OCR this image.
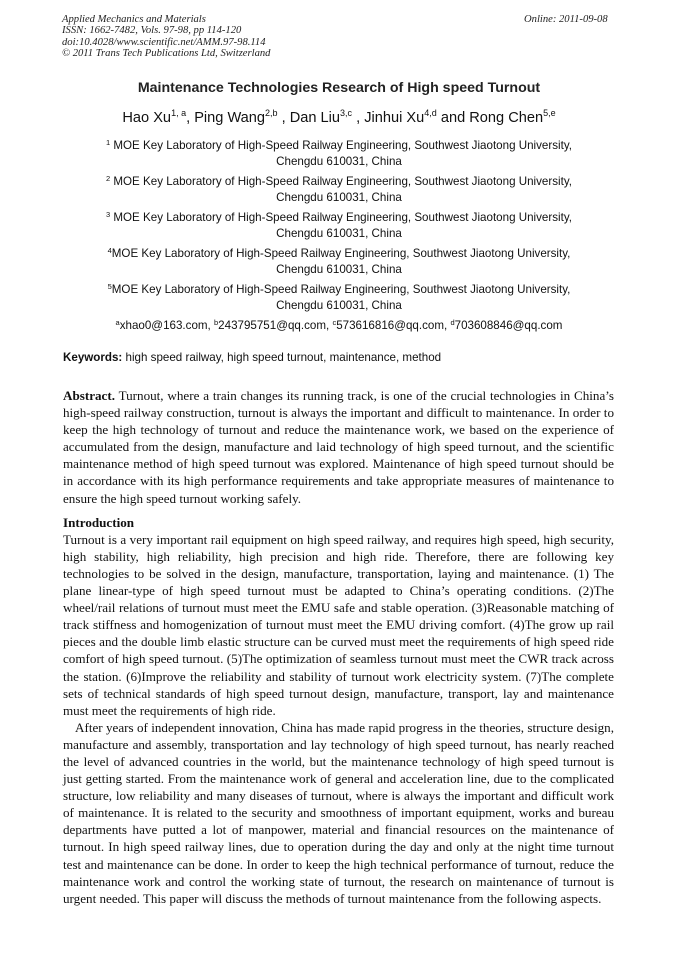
Applied Mechanics and Materials
ISSN: 1662-7482, Vols. 97-98, pp 114-120
doi:10.4028/www.scientific.net/AMM.97-98.114
© 2011 Trans Tech Publications Ltd, Switzerland
Online: 2011-09-08
Maintenance Technologies Research of High speed Turnout
Hao Xu$^{1, a}$, Ping Wang$^{2,b}$ , Dan Liu$^{3,c}$ , Jinhui Xu$^{4,d}$ and Rong Chen$^{5,e}$
$^1$ MOE Key Laboratory of High-Speed Railway Engineering, Southwest Jiaotong University,
Chengdu 610031, China
$^2$ MOE Key Laboratory of High-Speed Railway Engineering, Southwest Jiaotong University,
Chengdu 610031, China
$^3$ MOE Key Laboratory of High-Speed Railway Engineering, Southwest Jiaotong University,
Chengdu 610031, China
$^4$MOE Key Laboratory of High-Speed Railway Engineering, Southwest Jiaotong University,
Chengdu 610031, China
$^5$MOE Key Laboratory of High-Speed Railway Engineering, Southwest Jiaotong University,
Chengdu 610031, China
$^a$xhao0@163.com, $^b$243795751@qq.com, $^c$573616816@qq.com, $^d$703608846@qq.com
Keywords: high speed railway, high speed turnout, maintenance, method

Abstract. Turnout, where a train changes its running track, is one of the crucial technologies in China’s high-speed railway construction, turnout is always the important and difficult to maintenance. In order to keep the high technology of turnout and reduce the maintenance work, we based on the experience of accumulated from the design, manufacture and laid technology of high speed turnout, and the scientific maintenance method of high speed turnout was explored. Maintenance of high speed turnout should be in accordance with its high performance requirements and take appropriate measures of maintenance to ensure the high speed turnout working safely.

Introduction

Turnout is a very important rail equipment on high speed railway, and requires high speed, high security, high stability, high reliability, high precision and high ride. Therefore, there are following key technologies to be solved in the design, manufacture, transportation, laying and maintenance. (1) The plane linear-type of high speed turnout must be adapted to China’s operating conditions. (2)The wheel/rail relations of turnout must meet the EMU safe and stable operation. (3)Reasonable matching of track stiffness and homogenization of turnout must meet the EMU driving comfort. (4)The grow up rail pieces and the double limb elastic structure can be curved must meet the requirements of high speed ride comfort of high speed turnout. (5)The optimization of seamless turnout must meet the CWR track across the station. (6)Improve the reliability and stability of turnout work electricity system. (7)The complete sets of technical standards of high speed turnout design, manufacture, transport, lay and maintenance must meet the requirements of high ride.

After years of independent innovation, China has made rapid progress in the theories, structure design, manufacture and assembly, transportation and lay technology of high speed turnout, has nearly reached the level of advanced countries in the world, but the maintenance technology of high speed turnout is just getting started. From the maintenance work of general and acceleration line, due to the complicated structure, low reliability and many diseases of turnout, where is always the important and difficult work of maintenance. It is related to the security and smoothness of important equipment, works and bureau departments have putted a lot of manpower, material and financial resources on the maintenance of turnout. In high speed railway lines, due to operation during the day and only at the night time turnout test and maintenance can be done. In order to keep the high technical performance of turnout, reduce the maintenance work and control the working state of turnout, the research on maintenance of turnout is urgent needed. This paper will discuss the methods of turnout maintenance from the following aspects.
